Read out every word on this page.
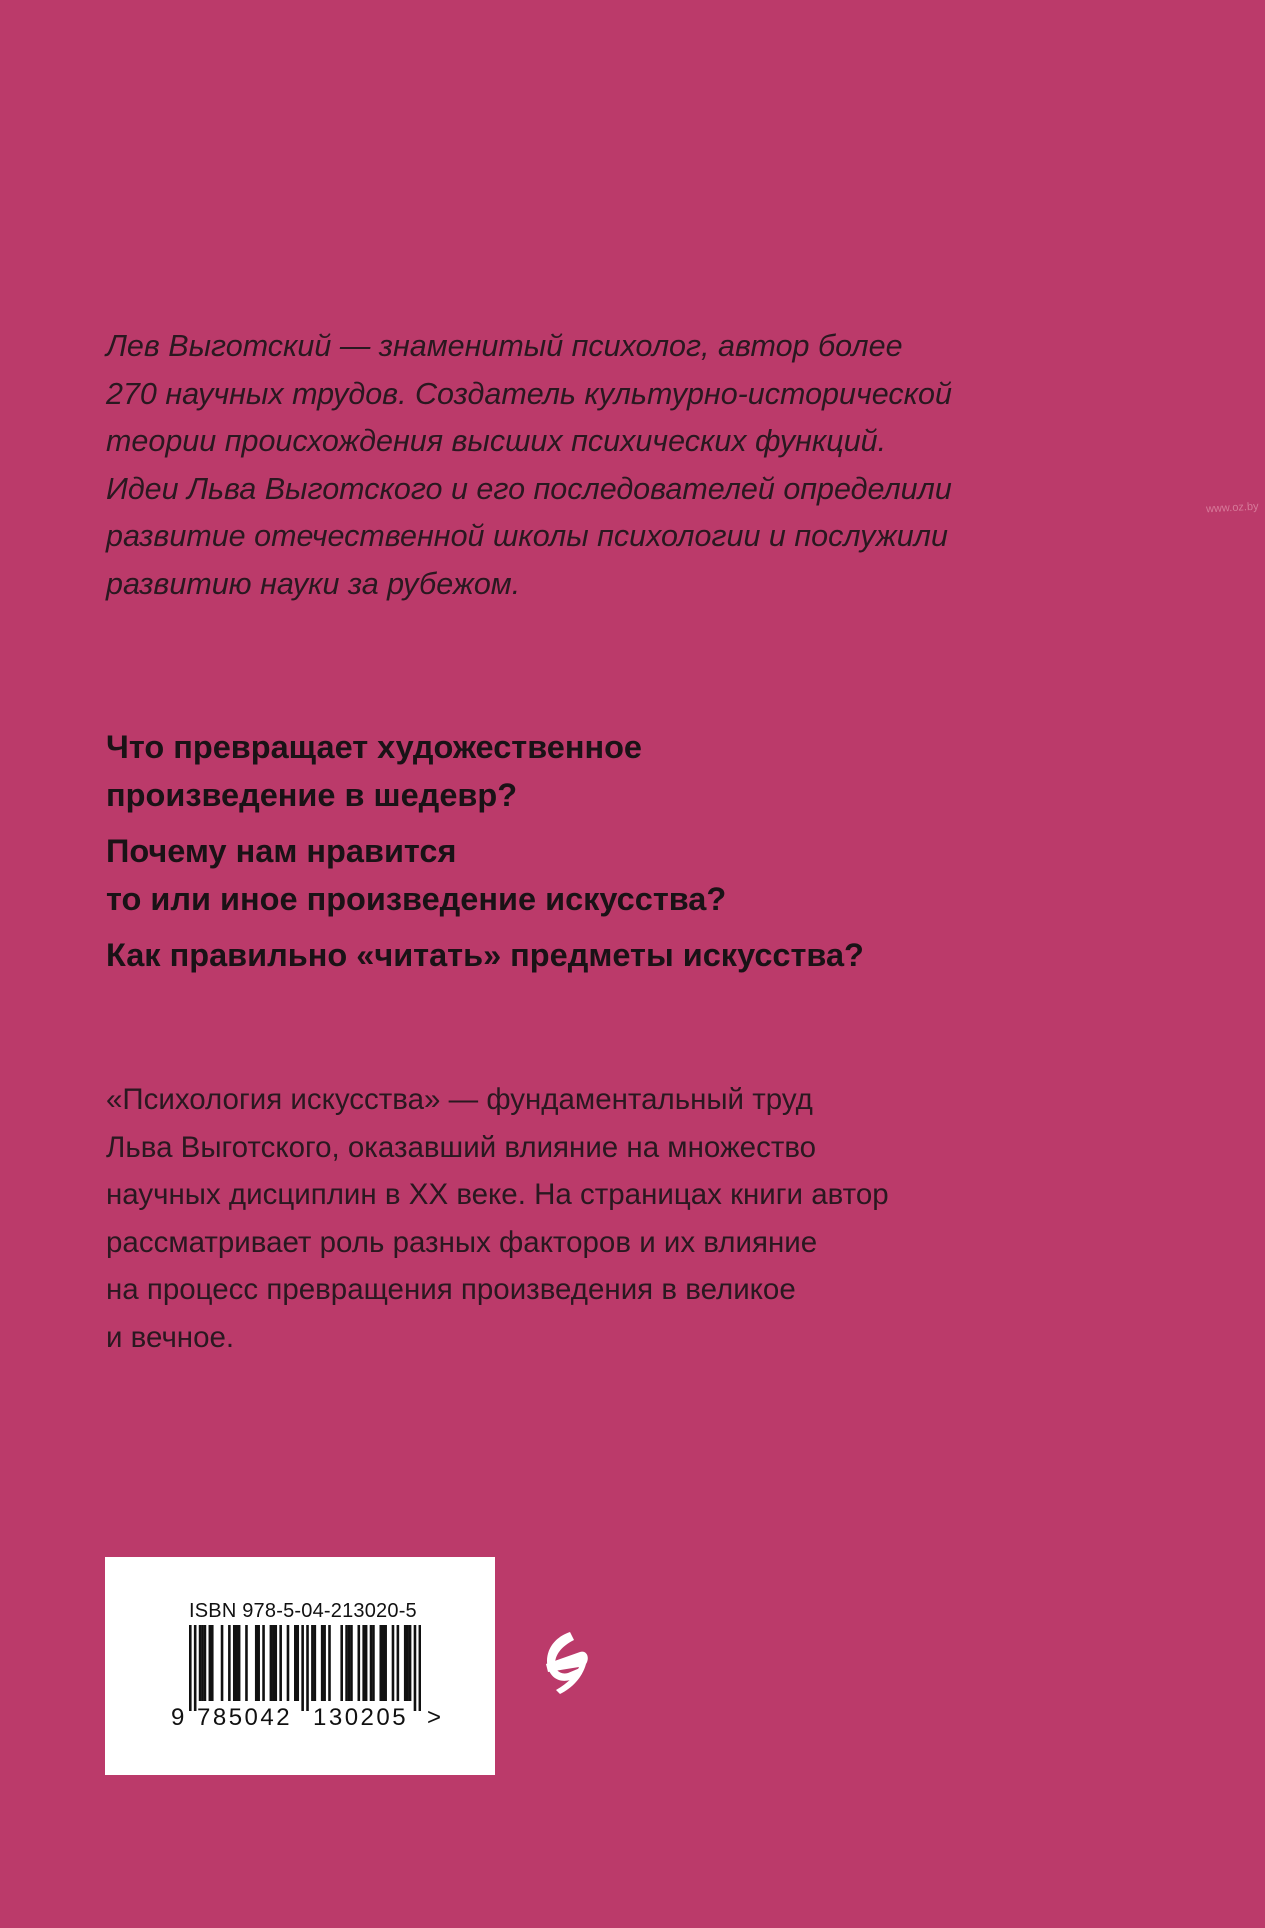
www.oz.by
Лев Выготский — знаменитый психолог, автор более
270 научных трудов. Создатель культурно-исторической
теории происхождения высших психических функций.
Идеи Льва Выготского и его последователей определили
развитие отечественной школы психологии и послужили
развитию науки за рубежом.
Что превращает художественное
произведение в шедевр?
Почему нам нравится
то или иное произведение искусства?
Как правильно «читать» предметы искусства?
«Психология искусства» — фундаментальный труд
Льва Выготского, оказавший влияние на множество
научных дисциплин в XX веке. На страницах книги автор
рассматривает роль разных факторов и их влияние
на процесс превращения произведения в великое
и вечное.
ISBN 978-5-04-213020-5
9 785042 130205 >
